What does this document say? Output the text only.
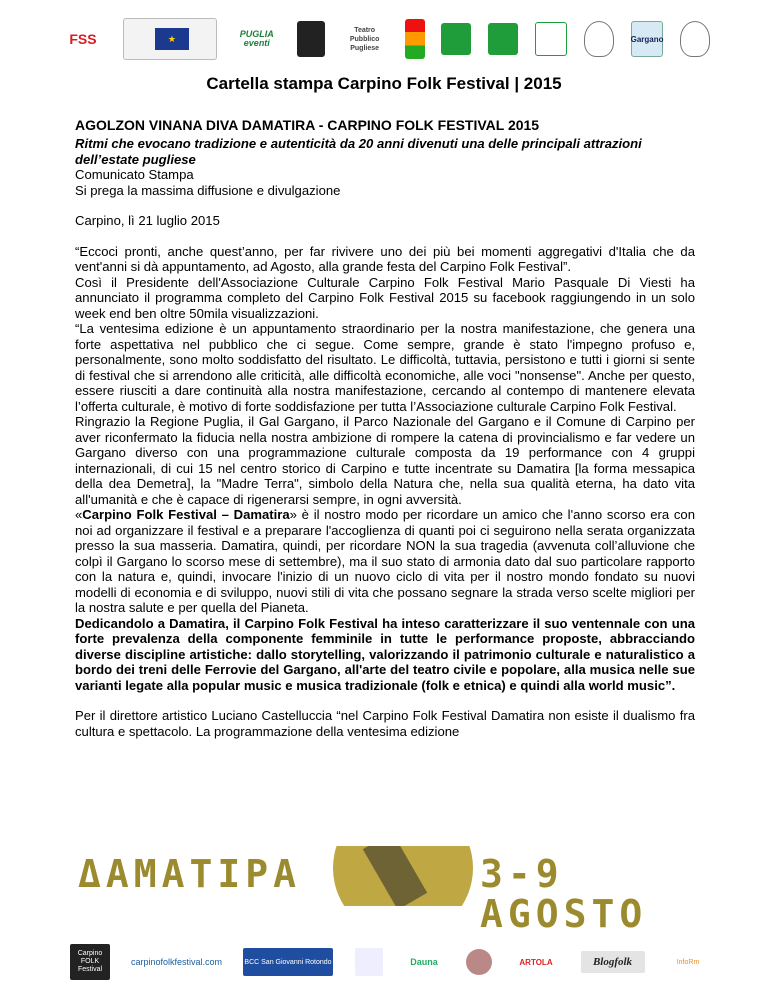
FSS	★	PUGLIA eventi
Teatro Pubblico Pugliese
Gargano
Cartella stampa Carpino Folk Festival | 2015
AGOLZON VINANA DIVA DAMATIRA - CARPINO FOLK FESTIVAL 2015
Ritmi che evocano tradizione e autenticità da 20 anni divenuti una delle principali attrazioni dell’estate pugliese
Comunicato Stampa
Si prega la massima diffusione e divulgazione
Carpino, lì 21 luglio 2015

“Eccoci pronti, anche quest’anno, per far rivivere uno dei più bei momenti aggregativi d'Italia che da vent'anni si dà appuntamento, ad Agosto, alla grande festa del Carpino Folk Festival”.

Così il Presidente dell'Associazione Culturale Carpino Folk Festival Mario Pasquale Di Viesti ha annunciato il programma completo del Carpino Folk Festival 2015 su facebook raggiungendo in un solo week end ben oltre 50mila visualizzazioni.

“La ventesima edizione è un appuntamento straordinario per la nostra manifestazione, che genera una forte aspettativa nel pubblico che ci segue. Come sempre, grande è stato l'impegno profuso e, personalmente, sono molto soddisfatto del risultato. Le difficoltà, tuttavia, persistono e tutti i giorni si sente di festival che si arrendono alle criticità, alle difficoltà economiche, alle voci "nonsense". Anche per questo, essere riusciti a dare continuità alla nostra manifestazione, cercando al contempo di mantenere elevata l’offerta culturale, è motivo di forte soddisfazione per tutta l’Associazione culturale Carpino Folk Festival.

Ringrazio la Regione Puglia, il Gal Gargano, il Parco Nazionale del Gargano e il Comune di Carpino per aver riconfermato la fiducia nella nostra ambizione di rompere la catena di provincialismo e far vedere un Gargano diverso con una programmazione culturale composta da 19 performance con 4 gruppi internazionali, di cui 15 nel centro storico di Carpino e tutte incentrate su Damatira [la forma messapica della dea Demetra], la "Madre Terra", simbolo della Natura che, nella sua qualità eterna, ha dato vita all'umanità e che è capace di rigenerarsi sempre, in ogni avversità.

«Carpino Folk Festival – Damatira» è il nostro modo per ricordare un amico che l'anno scorso era con noi ad organizzare il festival e a preparare l'accoglienza di quanti poi ci seguirono nella serata organizzata presso la sua masseria. Damatira, quindi, per ricordare NON la sua tragedia (avvenuta coll’alluvione che colpì il Gargano lo scorso mese di settembre), ma il suo stato di armonia dato dal suo particolare rapporto con la natura e, quindi, invocare l'inizio di un nuovo ciclo di vita per il nostro mondo fondato su nuovi modelli di economia e di sviluppo, nuovi stili di vita che possano segnare la strada verso scelte migliori per la nostra salute e per quella del Pianeta.

Dedicandolo a Damatira, il Carpino Folk Festival ha inteso caratterizzare il suo ventennale con una forte prevalenza della componente femminile in tutte le performance proposte, abbracciando diverse discipline artistiche: dallo storytelling, valorizzando il patrimonio culturale e naturalistico a bordo dei treni delle Ferrovie del Gargano, all'arte del teatro civile e popolare, alla musica nelle sue varianti legate alla popular music e musica tradizionale (folk e etnica) e quindi alla world music”.

Per il direttore artistico Luciano Castelluccia “nel Carpino Folk Festival Damatira non esiste il dualismo fra cultura e spettacolo. La programmazione della ventesima edizione

ΔΑΜΑΤΙΡΑ	3-9 AGOSTO
Carpino FOLK Festival
carpinofolkfestival.com	BCC San Giovanni Rotondo	Dauna	ARTOLA	Blogfolk	InfoRm
